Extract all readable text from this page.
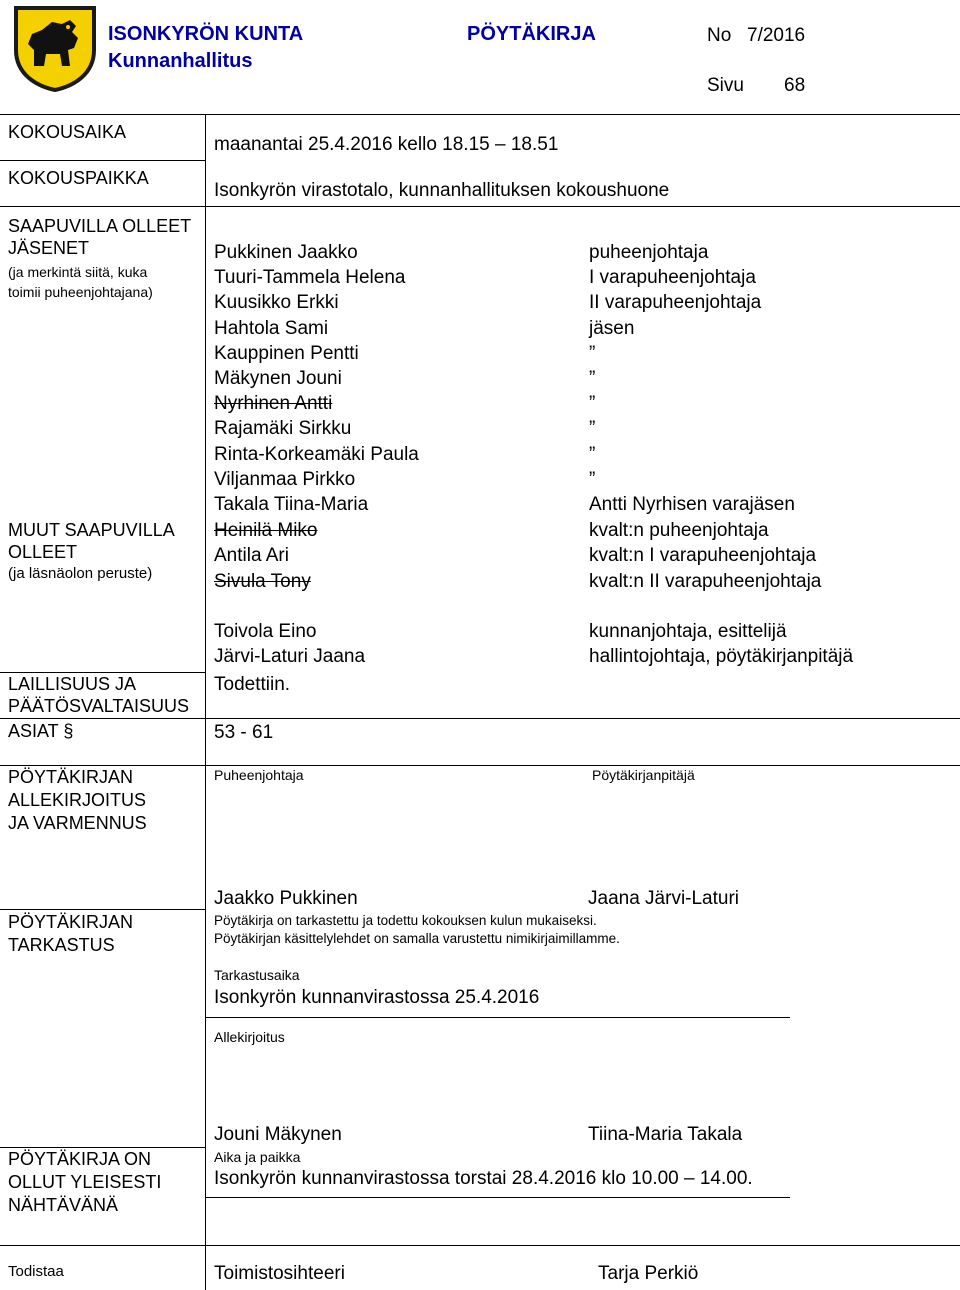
ISONKYRÖN KUNTA
Kunnanhallitus
PÖYTÄKIRJA	No 7/2016
Sivu 68
KOKOUSAIKA
maanantai 25.4.2016 kello 18.15 – 18.51
KOKOUSPAIKKA
Isonkyrön virastotalo, kunnanhallituksen kokoushuone
SAAPUVILLA OLLEET
JÄSENET
(ja merkintä siitä, kuka
toimii puheenjohtajana)
Pukkinen Jaakko	puheenjohtaja
Tuuri-Tammela Helena	I varapuheenjohtaja
Kuusikko Erkki	II varapuheenjohtaja
Hahtola Sami	jäsen
Kauppinen Pentti	”
Mäkynen Jouni	”
Nyrhinen Antti	”
Rajamäki Sirkku	”
Rinta-Korkeamäki Paula	”
Viljanmaa Pirkko	”
Takala Tiina-Maria	Antti Nyrhisen varajäsen
MUUT SAAPUVILLA
OLLEET
(ja läsnäolon peruste)
Heinilä Miko	kvalt:n puheenjohtaja
Antila Ari	kvalt:n I varapuheenjohtaja
Sivula Tony	kvalt:n II varapuheenjohtaja
Toivola Eino	kunnanjohtaja, esittelijä
Järvi-Laturi Jaana	hallintojohtaja, pöytäkirjanpitäjä
LAILLISUUS JA
PÄÄTÖSVALTAISUUS
Todettiin.
ASIAT §	53 - 61
PÖYTÄKIRJAN
ALLEKIRJOITUS
JA VARMENNUS
Puheenjohtaja	Pöytäkirjanpitäjä
Jaakko Pukkinen	Jaana Järvi-Laturi
PÖYTÄKIRJAN
TARKASTUS
Pöytäkirja on tarkastettu ja todettu kokouksen kulun mukaiseksi.
Pöytäkirjan käsittelylehdet on samalla varustettu nimikirjaimillamme.
Tarkastusaika
Isonkyrön kunnanvirastossa 25.4.2016
Allekirjoitus
Jouni Mäkynen	Tiina-Maria Takala
PÖYTÄKIRJA ON
OLLUT YLEISESTI
NÄHTÄVÄNÄ
Aika ja paikka
Isonkyrön kunnanvirastossa torstai 28.4.2016 klo 10.00 – 14.00.
Todistaa	Toimistosihteeri	Tarja Perkiö
